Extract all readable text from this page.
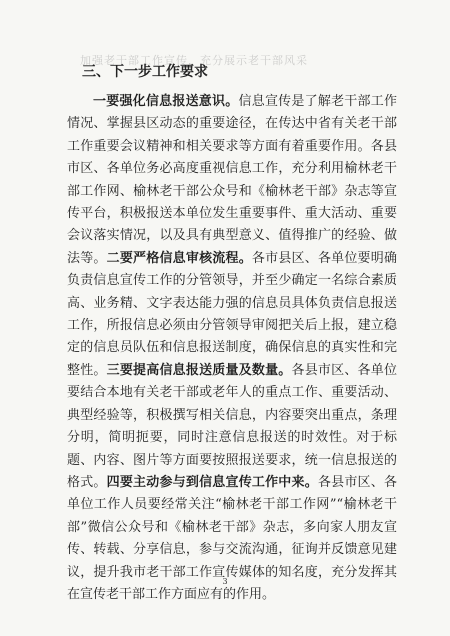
加强老干部工作宣传，充分展示老干部风采
三、下一步工作要求

一要强化信息报送意识。信息宣传是了解老干部工作情况、掌握县区动态的重要途径，在传达中省有关老干部工作重要会议精神和相关要求等方面有着重要作用。各县市区、各单位务必高度重视信息工作，充分利用榆林老干部工作网、榆林老干部公众号和《榆林老干部》杂志等宣传平台，积极报送本单位发生重要事件、重大活动、重要会议落实情况，以及具有典型意义、值得推广的经验、做法等。二要严格信息审核流程。各市县区、各单位要明确负责信息宣传工作的分管领导，并至少确定一名综合素质高、业务精、文字表达能力强的信息员具体负责信息报送工作，所报信息必须由分管领导审阅把关后上报，建立稳定的信息员队伍和信息报送制度，确保信息的真实性和完整性。三要提高信息报送质量及数量。各县市区、各单位要结合本地有关老干部或老年人的重点工作、重要活动、典型经验等，积极撰写相关信息，内容要突出重点，条理分明，简明扼要，同时注意信息报送的时效性。对于标题、内容、图片等方面要按照报送要求，统一信息报送的格式。四要主动参与到信息宣传工作中来。各县市区、各单位工作人员要经常关注“榆林老干部工作网”“榆林老干部”微信公众号和《榆林老干部》杂志，多向家人朋友宣传、转载、分享信息，参与交流沟通，征询并反馈意见建议，提升我市老干部工作宣传媒体的知名度，充分发挥其在宣传老干部工作方面应有的作用。

3
